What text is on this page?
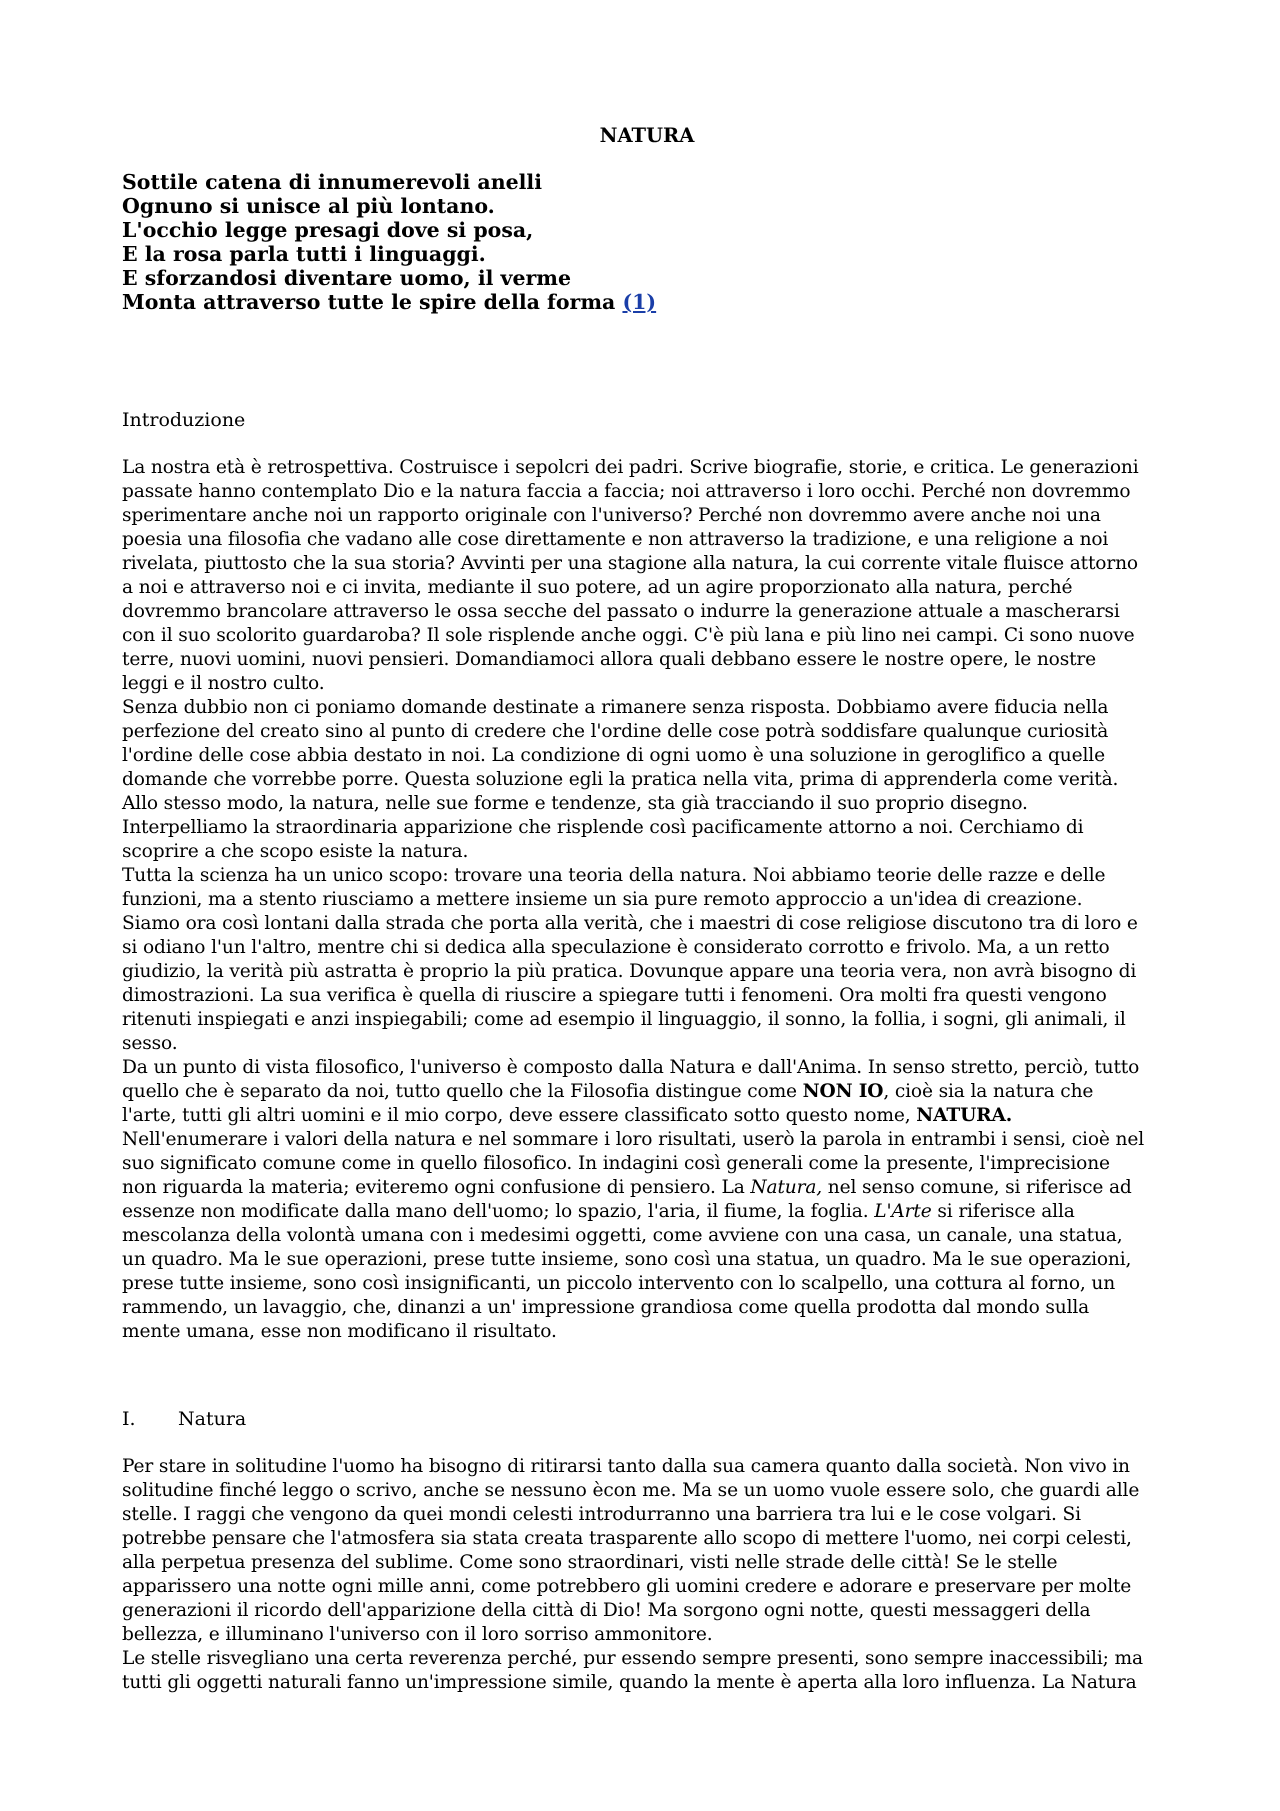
NATURA
Sottile catena di innumerevoli anelli
Ognuno si unisce al più lontano.
L'occhio legge presagi dove si posa,
E la rosa parla tutti i linguaggi.
E sforzandosi diventare uomo, il verme
Monta attraverso tutte le spire della forma (1)

Introduzione

La nostra età è retrospettiva. Costruisce i sepolcri dei padri. Scrive biografie, storie, e critica. Le generazioni
passate hanno contemplato Dio e la natura faccia a faccia; noi attraverso i loro occhi. Perché non dovremmo
sperimentare anche noi un rapporto originale con l'universo? Perché non dovremmo avere anche noi una
poesia una filosofia che vadano alle cose direttamente e non attraverso la tradizione, e una religione a noi
rivelata, piuttosto che la sua storia? Avvinti per una stagione alla natura, la cui corrente vitale fluisce attorno
a noi e attraverso noi e ci invita, mediante il suo potere, ad un agire proporzionato alla natura, perché
dovremmo brancolare attraverso le ossa secche del passato o indurre la generazione attuale a mascherarsi
con il suo scolorito guardaroba? Il sole risplende anche oggi. C'è più lana e più lino nei campi. Ci sono nuove
terre, nuovi uomini, nuovi pensieri. Domandiamoci allora quali debbano essere le nostre opere, le nostre
leggi e il nostro culto.
Senza dubbio non ci poniamo domande destinate a rimanere senza risposta. Dobbiamo avere fiducia nella
perfezione del creato sino al punto di credere che l'ordine delle cose potrà soddisfare qualunque curiosità
l'ordine delle cose abbia destato in noi. La condizione di ogni uomo è una soluzione in geroglifico a quelle
domande che vorrebbe porre. Questa soluzione egli la pratica nella vita, prima di apprenderla come verità.
Allo stesso modo, la natura, nelle sue forme e tendenze, sta già tracciando il suo proprio disegno.
Interpelliamo la straordinaria apparizione che risplende così pacificamente attorno a noi. Cerchiamo di
scoprire a che scopo esiste la natura.
Tutta la scienza ha un unico scopo: trovare una teoria della natura. Noi abbiamo teorie delle razze e delle
funzioni, ma a stento riusciamo a mettere insieme un sia pure remoto approccio a un'idea di creazione.
Siamo ora così lontani dalla strada che porta alla verità, che i maestri di cose religiose discutono tra di loro e
si odiano l'un l'altro, mentre chi si dedica alla speculazione è considerato corrotto e frivolo. Ma, a un retto
giudizio, la verità più astratta è proprio la più pratica. Dovunque appare una teoria vera, non avrà bisogno di
dimostrazioni. La sua verifica è quella di riuscire a spiegare tutti i fenomeni. Ora molti fra questi vengono
ritenuti inspiegati e anzi inspiegabili; come ad esempio il linguaggio, il sonno, la follia, i sogni, gli animali, il
sesso.
Da un punto di vista filosofico, l'universo è composto dalla Natura e dall'Anima. In senso stretto, perciò, tutto
quello che è separato da noi, tutto quello che la Filosofia distingue come NON IO, cioè sia la natura che
l'arte, tutti gli altri uomini e il mio corpo, deve essere classificato sotto questo nome, NATURA.
Nell'enumerare i valori della natura e nel sommare i loro risultati, userò la parola in entrambi i sensi, cioè nel
suo significato comune come in quello filosofico. In indagini così generali come la presente, l'imprecisione
non riguarda la materia; eviteremo ogni confusione di pensiero. La Natura, nel senso comune, si riferisce ad
essenze non modificate dalla mano dell'uomo; lo spazio, l'aria, il fiume, la foglia. L'Arte si riferisce alla
mescolanza della volontà umana con i medesimi oggetti, come avviene con una casa, un canale, una statua,
un quadro. Ma le sue operazioni, prese tutte insieme, sono così una statua, un quadro. Ma le sue operazioni,
prese tutte insieme, sono così insignificanti, un piccolo intervento con lo scalpello, una cottura al forno, un
rammendo, un lavaggio, che, dinanzi a un' impressione grandiosa come quella prodotta dal mondo sulla
mente umana, esse non modificano il risultato.

I. Natura

Per stare in solitudine l'uomo ha bisogno di ritirarsi tanto dalla sua camera quanto dalla società. Non vivo in
solitudine finché leggo o scrivo, anche se nessuno ècon me. Ma se un uomo vuole essere solo, che guardi alle
stelle. I raggi che vengono da quei mondi celesti introdurranno una barriera tra lui e le cose volgari. Si
potrebbe pensare che l'atmosfera sia stata creata trasparente allo scopo di mettere l'uomo, nei corpi celesti,
alla perpetua presenza del sublime. Come sono straordinari, visti nelle strade delle città! Se le stelle
apparissero una notte ogni mille anni, come potrebbero gli uomini credere e adorare e preservare per molte
generazioni il ricordo dell'apparizione della città di Dio! Ma sorgono ogni notte, questi messaggeri della
bellezza, e illuminano l'universo con il loro sorriso ammonitore.
Le stelle risvegliano una certa reverenza perché, pur essendo sempre presenti, sono sempre inaccessibili; ma
tutti gli oggetti naturali fanno un'impressione simile, quando la mente è aperta alla loro influenza. La Natura
